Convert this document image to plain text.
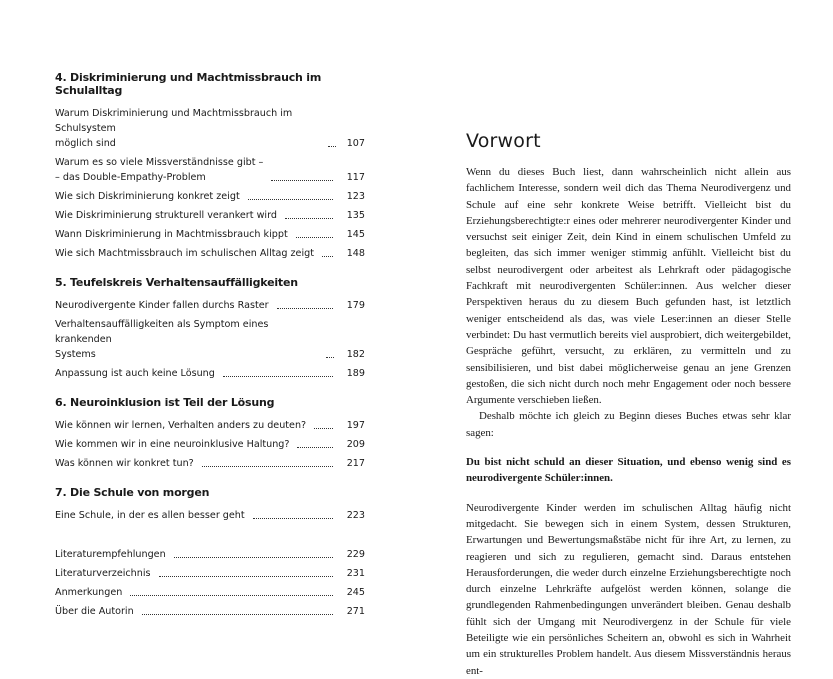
4. Diskriminierung und Machtmissbrauch im Schulalltag
Warum Diskriminierung und Machtmissbrauch im Schulsystem
möglich sind	107
Warum es so viele Missverständnisse gibt –
– das Double-Empathy-Problem	117
Wie sich Diskriminierung konkret zeigt	123
Wie Diskriminierung strukturell verankert wird	135
Wann Diskriminierung in Machtmissbrauch kippt	145
Wie sich Machtmissbrauch im schulischen Alltag zeigt	148
5. Teufelskreis Verhaltensauffälligkeiten
Neurodivergente Kinder fallen durchs Raster	179
Verhaltensauffälligkeiten als Symptom eines krankenden
Systems	182
Anpassung ist auch keine Lösung	189
6. Neuroinklusion ist Teil der Lösung
Wie können wir lernen, Verhalten anders zu deuten?	197
Wie kommen wir in eine neuroinklusive Haltung?	209
Was können wir konkret tun?	217
7. Die Schule von morgen
Eine Schule, in der es allen besser geht	223
Literaturempfehlungen	229
Literaturverzeichnis	231
Anmerkungen	245
Über die Autorin	271
Vorwort

Wenn du dieses Buch liest, dann wahrscheinlich nicht allein aus fachlichem Interesse, sondern weil dich das Thema Neurodivergenz und Schule auf eine sehr konkrete Weise betrifft. Vielleicht bist du Erziehungsberechtigte:r eines oder mehrerer neurodivergenter Kinder und versuchst seit einiger Zeit, dein Kind in einem schulischen Umfeld zu begleiten, das sich immer weniger stimmig anfühlt. Vielleicht bist du selbst neurodivergent oder arbeitest als Lehrkraft oder pädagogische Fachkraft mit neurodivergenten Schüler:innen. Aus welcher dieser Perspektiven heraus du zu diesem Buch gefunden hast, ist letztlich weniger entscheidend als das, was viele Leser:innen an dieser Stelle verbindet: Du hast vermutlich bereits viel ausprobiert, dich weitergebildet, Gespräche geführt, versucht, zu erklären, zu vermitteln und zu sensibilisieren, und bist dabei möglicherweise genau an jene Grenzen gestoßen, die sich nicht durch noch mehr Engagement oder noch bessere Argumente verschieben ließen.

Deshalb möchte ich gleich zu Beginn dieses Buches etwas sehr klar sagen:

Du bist nicht schuld an dieser Situation, und ebenso wenig sind es neurodivergente Schüler:innen.

Neurodivergente Kinder werden im schulischen Alltag häufig nicht mitgedacht. Sie bewegen sich in einem System, dessen Strukturen, Erwartungen und Bewertungsmaßstäbe nicht für ihre Art, zu lernen, zu reagieren und sich zu regulieren, gemacht sind. Daraus entstehen Herausforderungen, die weder durch einzelne Erziehungsberechtigte noch durch einzelne Lehrkräfte aufgelöst werden können, solange die grundlegenden Rahmenbedingungen unverändert bleiben. Genau deshalb fühlt sich der Umgang mit Neurodivergenz in der Schule für viele Beteiligte wie ein persönliches Scheitern an, obwohl es sich in Wahrheit um ein strukturelles Problem handelt. Aus diesem Missverständnis heraus ent-
